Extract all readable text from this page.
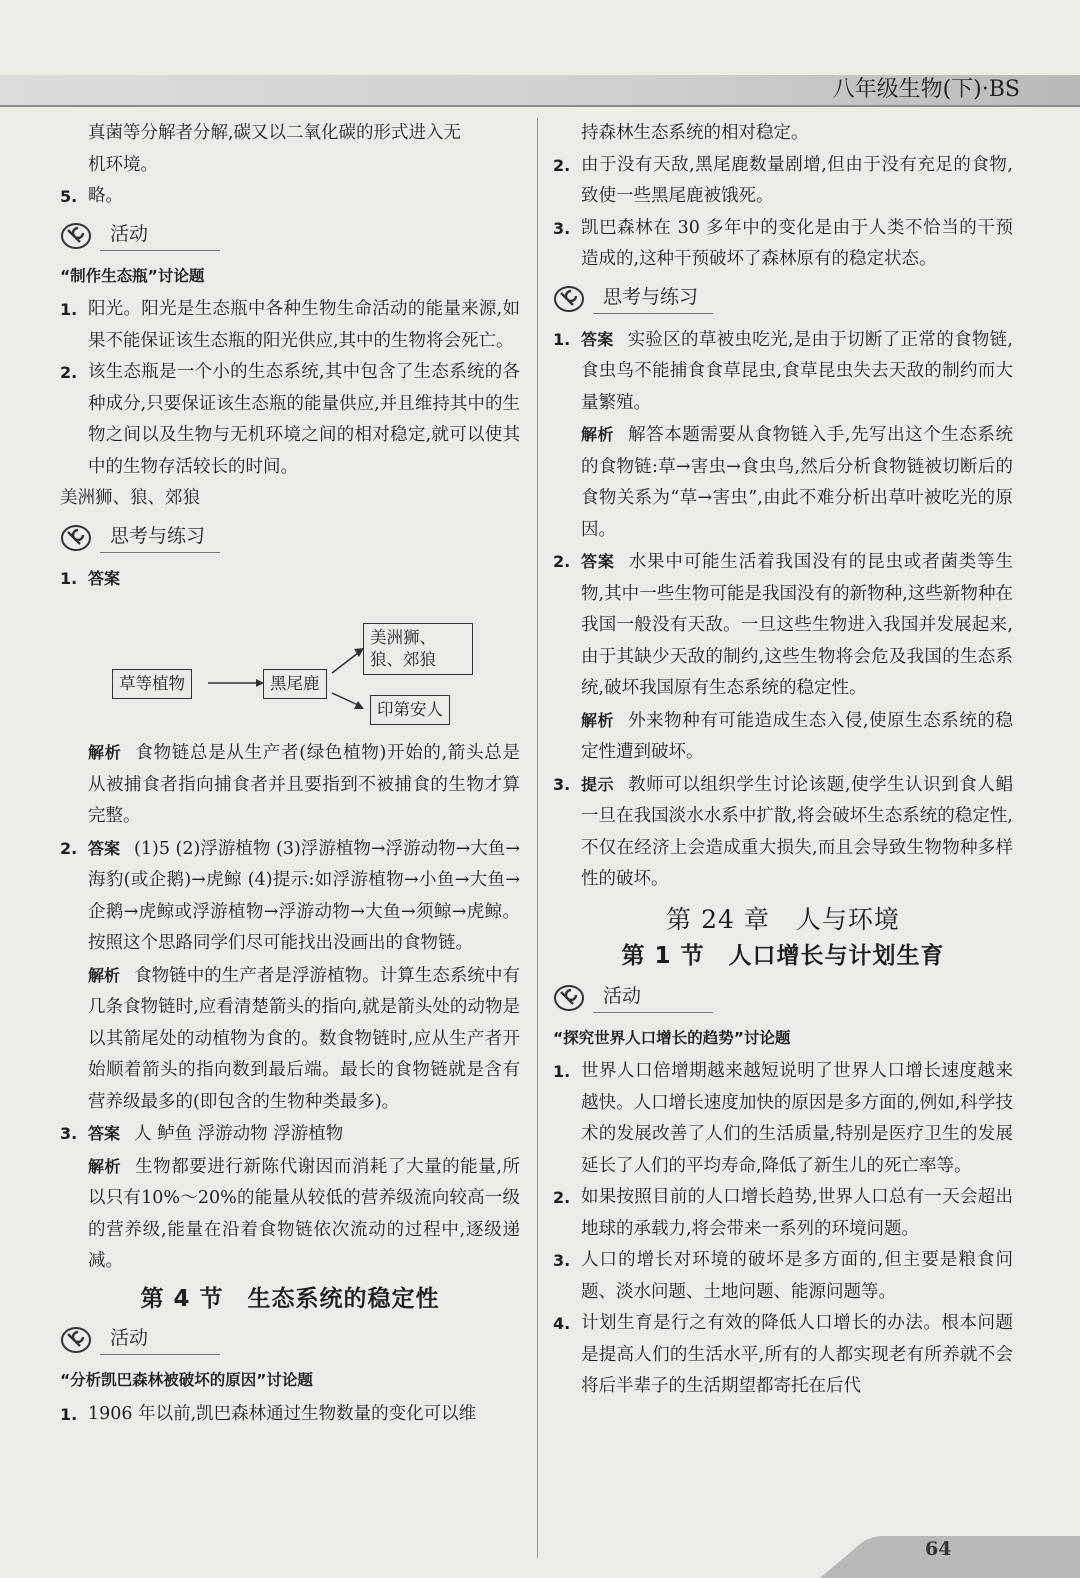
八年级生物(下)·BS

真菌等分解者分解,碳又以二氧化碳的形式进入无

机环境。

5. 略。

活动

“制作生态瓶”讨论题

1. 阳光。阳光是生态瓶中各种生物生命活动的能量来源,如果不能保证该生态瓶的阳光供应,其中的生物将会死亡。

2. 该生态瓶是一个小的生态系统,其中包含了生态系统的各种成分,只要保证该生态瓶的能量供应,并且维持其中的生物之间以及生物与无机环境之间的相对稳定,就可以使其中的生物存活较长的时间。

美洲狮、狼、郊狼

思考与练习

1. 答案

草等植物	黑尾鹿
美洲狮、狼、郊狼
印第安人

解析 食物链总是从生产者(绿色植物)开始的,箭头总是从被捕食者指向捕食者并且要指到不被捕食的生物才算完整。

2. 答案 (1)5 (2)浮游植物 (3)浮游植物→浮游动物→大鱼→海豹(或企鹅)→虎鲸 (4)提示:如浮游植物→小鱼→大鱼→企鹅→虎鲸或浮游植物→浮游动物→大鱼→须鲸→虎鲸。按照这个思路同学们尽可能找出没画出的食物链。

解析 食物链中的生产者是浮游植物。计算生态系统中有几条食物链时,应看清楚箭头的指向,就是箭头处的动物是以其箭尾处的动植物为食的。数食物链时,应从生产者开始顺着箭头的指向数到最后端。最长的食物链就是含有营养级最多的(即包含的生物种类最多)。

3. 答案 人 鲈鱼 浮游动物 浮游植物

解析 生物都要进行新陈代谢因而消耗了大量的能量,所以只有10%～20%的能量从较低的营养级流向较高一级的营养级,能量在沿着食物链依次流动的过程中,逐级递减。

第 4 节　生态系统的稳定性
活动

“分析凯巴森林被破坏的原因”讨论题

1. 1906 年以前,凯巴森林通过生物数量的变化可以维

持森林生态系统的相对稳定。

2. 由于没有天敌,黑尾鹿数量剧增,但由于没有充足的食物,致使一些黑尾鹿被饿死。

3. 凯巴森林在 30 多年中的变化是由于人类不恰当的干预造成的,这种干预破坏了森林原有的稳定状态。

思考与练习

1. 答案 实验区的草被虫吃光,是由于切断了正常的食物链,食虫鸟不能捕食食草昆虫,食草昆虫失去天敌的制约而大量繁殖。

解析 解答本题需要从食物链入手,先写出这个生态系统的食物链:草→害虫→食虫鸟,然后分析食物链被切断后的食物关系为“草→害虫”,由此不难分析出草叶被吃光的原因。

2. 答案 水果中可能生活着我国没有的昆虫或者菌类等生物,其中一些生物可能是我国没有的新物种,这些新物种在我国一般没有天敌。一旦这些生物进入我国并发展起来,由于其缺少天敌的制约,这些生物将会危及我国的生态系统,破坏我国原有生态系统的稳定性。

解析 外来物种有可能造成生态入侵,使原生态系统的稳定性遭到破坏。

3. 提示 教师可以组织学生讨论该题,使学生认识到食人鲳一旦在我国淡水水系中扩散,将会破坏生态系统的稳定性,不仅在经济上会造成重大损失,而且会导致生物物种多样性的破坏。

第 24 章　人与环境
第 1 节　人口增长与计划生育
活动

“探究世界人口增长的趋势”讨论题

1. 世界人口倍增期越来越短说明了世界人口增长速度越来越快。人口增长速度加快的原因是多方面的,例如,科学技术的发展改善了人们的生活质量,特别是医疗卫生的发展延长了人们的平均寿命,降低了新生儿的死亡率等。

2. 如果按照目前的人口增长趋势,世界人口总有一天会超出地球的承载力,将会带来一系列的环境问题。

3. 人口的增长对环境的破坏是多方面的,但主要是粮食问题、淡水问题、土地问题、能源问题等。

4. 计划生育是行之有效的降低人口增长的办法。根本问题是提高人们的生活水平,所有的人都实现老有所养就不会将后半辈子的生活期望都寄托在后代

64
